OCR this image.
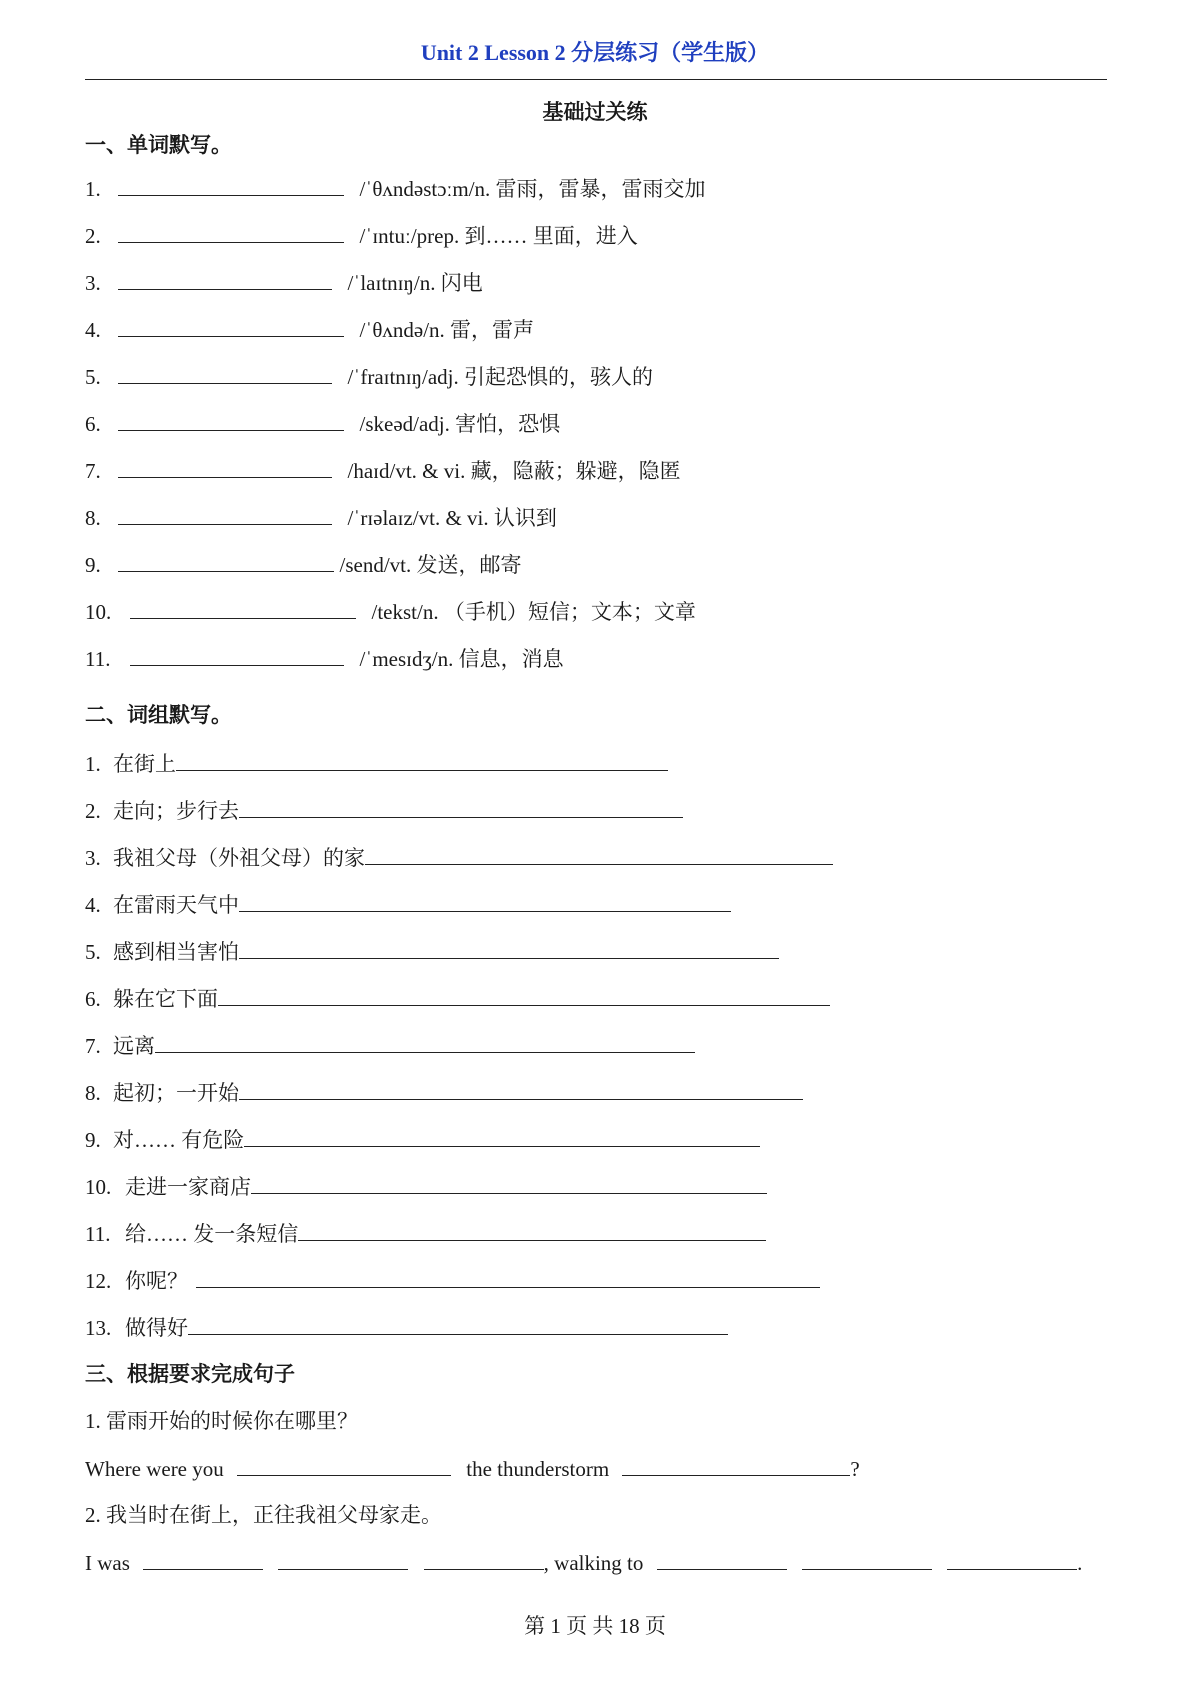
Unit 2 Lesson 2 分层练习（学生版）
基础过关练
一、单词默写。
1.	/ˈθʌndəstɔːm/n. 雷雨，雷暴，雷雨交加
2.	/ˈɪntuː/prep. 到…… 里面，进入
3.	/ˈlaɪtnɪŋ/n. 闪电
4.	/ˈθʌndə/n. 雷，雷声
5.	/ˈfraɪtnɪŋ/adj. 引起恐惧的，骇人的
6.	/skeəd/adj. 害怕，恐惧
7.	/haɪd/vt. & vi. 藏，隐蔽；躲避，隐匿
8.	/ˈrɪəlaɪz/vt. & vi. 认识到
9.	/send/vt. 发送，邮寄
10.	/tekst/n. （手机）短信；文本；文章
11.	/ˈmesɪdʒ/n. 信息，消息
二、词组默写。
1. 在街上
2. 走向；步行去
3. 我祖父母（外祖父母）的家
4. 在雷雨天气中
5. 感到相当害怕
6. 躲在它下面
7. 远离
8. 起初；一开始
9. 对…… 有危险
10. 走进一家商店
11. 给…… 发一条短信
12. 你呢？
13. 做得好
三、根据要求完成句子
1. 雷雨开始的时候你在哪里？
Where were you	the thunderstorm	?
2. 我当时在街上，正往我祖父母家走。
I was	, walking to	.
第 1 页 共 18 页
